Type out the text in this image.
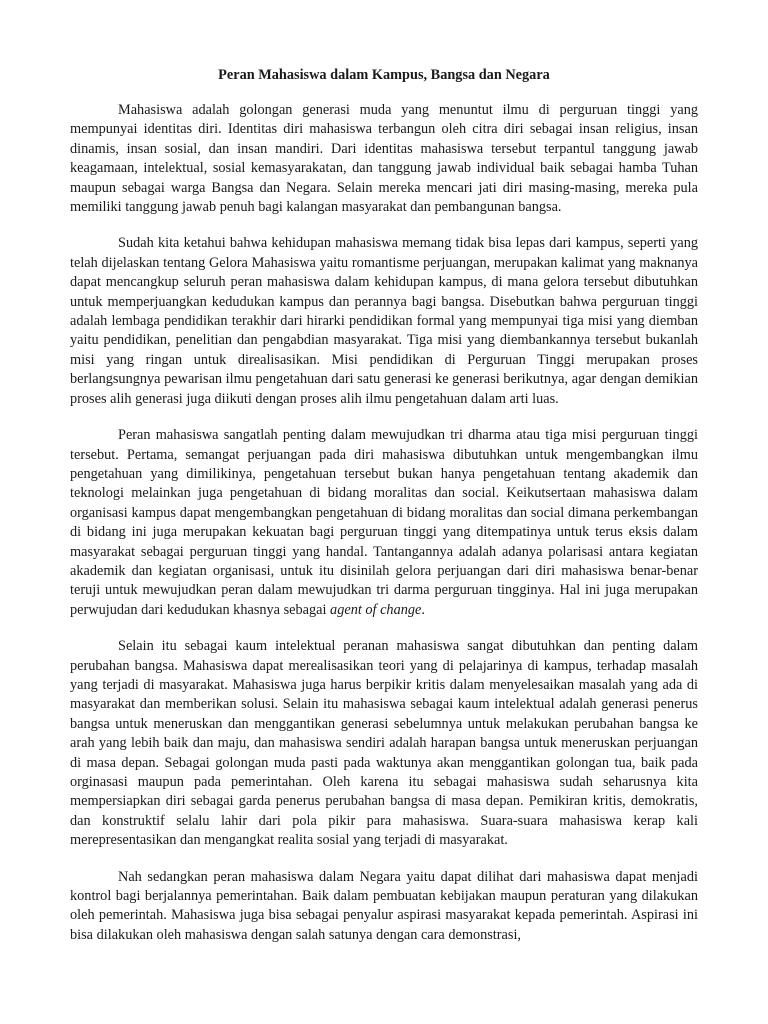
Peran Mahasiswa dalam Kampus, Bangsa dan Negara

Mahasiswa adalah golongan generasi muda yang menuntut ilmu di perguruan tinggi yang mempunyai identitas diri. Identitas diri mahasiswa terbangun oleh citra diri sebagai insan religius, insan dinamis, insan sosial, dan insan mandiri. Dari identitas mahasiswa tersebut terpantul tanggung jawab keagamaan, intelektual, sosial kemasyarakatan, dan tanggung jawab individual baik sebagai hamba Tuhan maupun sebagai warga Bangsa dan Negara. Selain mereka mencari jati diri masing-masing, mereka pula memiliki tanggung jawab penuh bagi kalangan masyarakat dan pembangunan bangsa.

Sudah kita ketahui bahwa kehidupan mahasiswa memang tidak bisa lepas dari kampus, seperti yang telah dijelaskan tentang Gelora Mahasiswa yaitu romantisme perjuangan, merupakan kalimat yang maknanya dapat mencangkup seluruh peran mahasiswa dalam kehidupan kampus, di mana gelora tersebut dibutuhkan untuk memperjuangkan kedudukan kampus dan perannya bagi bangsa. Disebutkan bahwa perguruan tinggi adalah lembaga pendidikan terakhir dari hirarki pendidikan formal yang mempunyai tiga misi yang diemban yaitu pendidikan, penelitian dan pengabdian masyarakat. Tiga misi yang diembankannya tersebut bukanlah misi yang ringan untuk direalisasikan. Misi pendidikan di Perguruan Tinggi merupakan proses berlangsungnya pewarisan ilmu pengetahuan dari satu generasi ke generasi berikutnya, agar dengan demikian proses alih generasi juga diikuti dengan proses alih ilmu pengetahuan dalam arti luas.

Peran mahasiswa sangatlah penting dalam mewujudkan tri dharma atau tiga misi perguruan tinggi tersebut. Pertama, semangat perjuangan pada diri mahasiswa dibutuhkan untuk mengembangkan ilmu pengetahuan yang dimilikinya, pengetahuan tersebut bukan hanya pengetahuan tentang akademik dan teknologi melainkan juga pengetahuan di bidang moralitas dan social. Keikutsertaan mahasiswa dalam organisasi kampus dapat mengembangkan pengetahuan di bidang moralitas dan social dimana perkembangan di bidang ini juga merupakan kekuatan bagi perguruan tinggi yang ditempatinya untuk terus eksis dalam masyarakat sebagai perguruan tinggi yang handal. Tantangannya adalah adanya polarisasi antara kegiatan akademik dan kegiatan organisasi, untuk itu disinilah gelora perjuangan dari diri mahasiswa benar-benar teruji untuk mewujudkan peran dalam mewujudkan tri darma perguruan tingginya. Hal ini juga merupakan perwujudan dari kedudukan khasnya sebagai agent of change.

Selain itu sebagai kaum intelektual peranan mahasiswa sangat dibutuhkan dan penting dalam perubahan bangsa. Mahasiswa dapat merealisasikan teori yang di pelajarinya di kampus, terhadap masalah yang terjadi di masyarakat. Mahasiswa juga harus berpikir kritis dalam menyelesaikan masalah yang ada di masyarakat dan memberikan solusi. Selain itu mahasiswa sebagai kaum intelektual adalah generasi penerus bangsa untuk meneruskan dan menggantikan generasi sebelumnya untuk melakukan perubahan bangsa ke arah yang lebih baik dan maju, dan mahasiswa sendiri adalah harapan bangsa untuk meneruskan perjuangan di masa depan. Sebagai golongan muda pasti pada waktunya akan menggantikan golongan tua, baik pada orginasasi maupun pada pemerintahan. Oleh karena itu sebagai mahasiswa sudah seharusnya kita mempersiapkan diri sebagai garda penerus perubahan bangsa di masa depan. Pemikiran kritis, demokratis, dan konstruktif selalu lahir dari pola pikir para mahasiswa. Suara-suara mahasiswa kerap kali merepresentasikan dan mengangkat realita sosial yang terjadi di masyarakat.

Nah sedangkan peran mahasiswa dalam Negara yaitu dapat dilihat dari mahasiswa dapat menjadi kontrol bagi berjalannya pemerintahan. Baik dalam pembuatan kebijakan maupun peraturan yang dilakukan oleh pemerintah. Mahasiswa juga bisa sebagai penyalur aspirasi masyarakat kepada pemerintah. Aspirasi ini bisa dilakukan oleh mahasiswa dengan salah satunya dengan cara demonstrasi,
